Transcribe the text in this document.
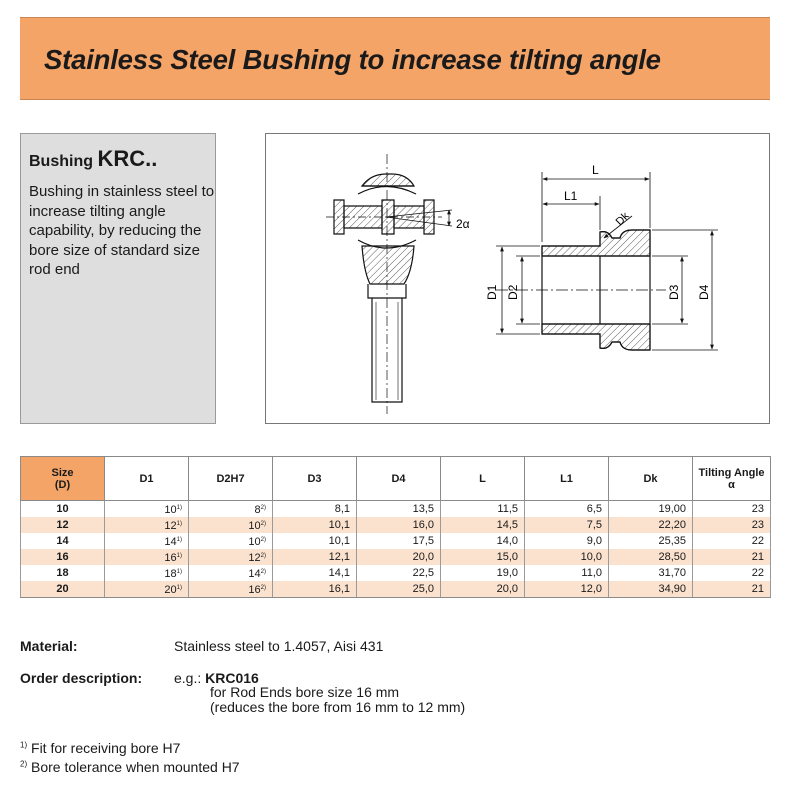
Stainless Steel Bushing to increase tilting angle
Bushing KRC..
Bushing in stainless steel to increase tilting angle capability, by reducing the bore size of standard size rod end
2α
L
L1
Dk
D1 D2	D3 D4
Size
(D)	D1	D2H7	D3	D4	L	L1	Dk	Tilting Angle
α
10	10$^{1)}$	8$^{2)}$	8,1	13,5	11,5	6,5	19,00	23
12	12$^{1)}$	10$^{2)}$	10,1	16,0	14,5	7,5	22,20	23
14	14$^{1)}$	10$^{2)}$	10,1	17,5	14,0	9,0	25,35	22
16	16$^{1)}$	12$^{2)}$	12,1	20,0	15,0	10,0	28,50	21
18	18$^{1)}$	14$^{2)}$	14,1	22,5	19,0	11,0	31,70	22
20	20$^{1)}$	16$^{2)}$	16,1	25,0	20,0	12,0	34,90	21
Material:	Stainless steel to 1.4057, Aisi 431
Order description: e.g.: KRC016
for Rod Ends bore size 16 mm
(reduces the bore from 16 mm to 12 mm)
$^{1)}$ Fit for receiving bore H7
$^{2)}$ Bore tolerance when mounted H7
